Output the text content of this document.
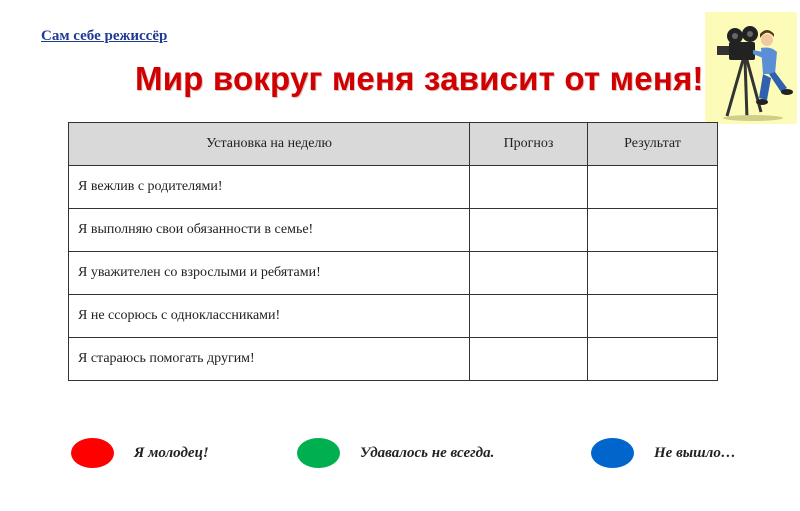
Сам себе режиссёр
Мир вокруг меня зависит от меня!
Установка на неделю	Прогноз	Результат
Я вежлив с родителями!		
Я выполняю свои обязанности в семье!		
Я уважителен со взрослыми и ребятами!		
Я не ссорюсь с одноклассниками!		
Я стараюсь помогать другим!		
Я молодец!	Удавалось не всегда.	Не вышло…
